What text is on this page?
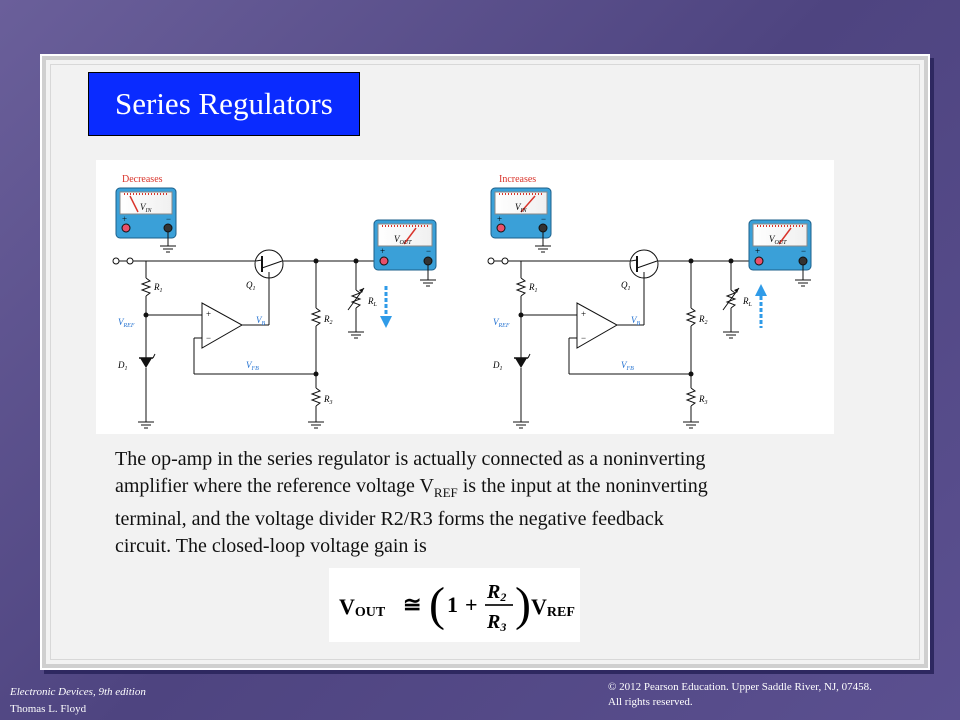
Series Regulators
$V_{IN}$
+	−
Decreases
$Q_1$
$R_1$
$V_{REF}$
$D_1$
+
−
$V_B$
$V_{FB}$
$R_2$
$R_3$
$R_L$
$V_{OUT}$
+	−
$V_{IN}$
+	−
Increases
$Q_1$
$R_1$
$V_{REF}$
$D_1$
+
−
$V_B$
$V_{FB}$
$R_2$
$R_3$
$R_L$
$V_{OUT}$
+	−
The op-amp in the series regulator is actually connected as a noninverting
amplifier where the reference voltage $V_{REF}$ is the input at the noninverting
terminal, and the voltage divider R2/R3 forms the negative feedback
circuit. The closed-loop voltage gain is
VOUT ≅ ( 1 + R2
R3 ) VREF
Electronic Devices, 9th edition
Thomas L. Floyd
© 2012 Pearson Education. Upper Saddle River, NJ, 07458.
All rights reserved.
